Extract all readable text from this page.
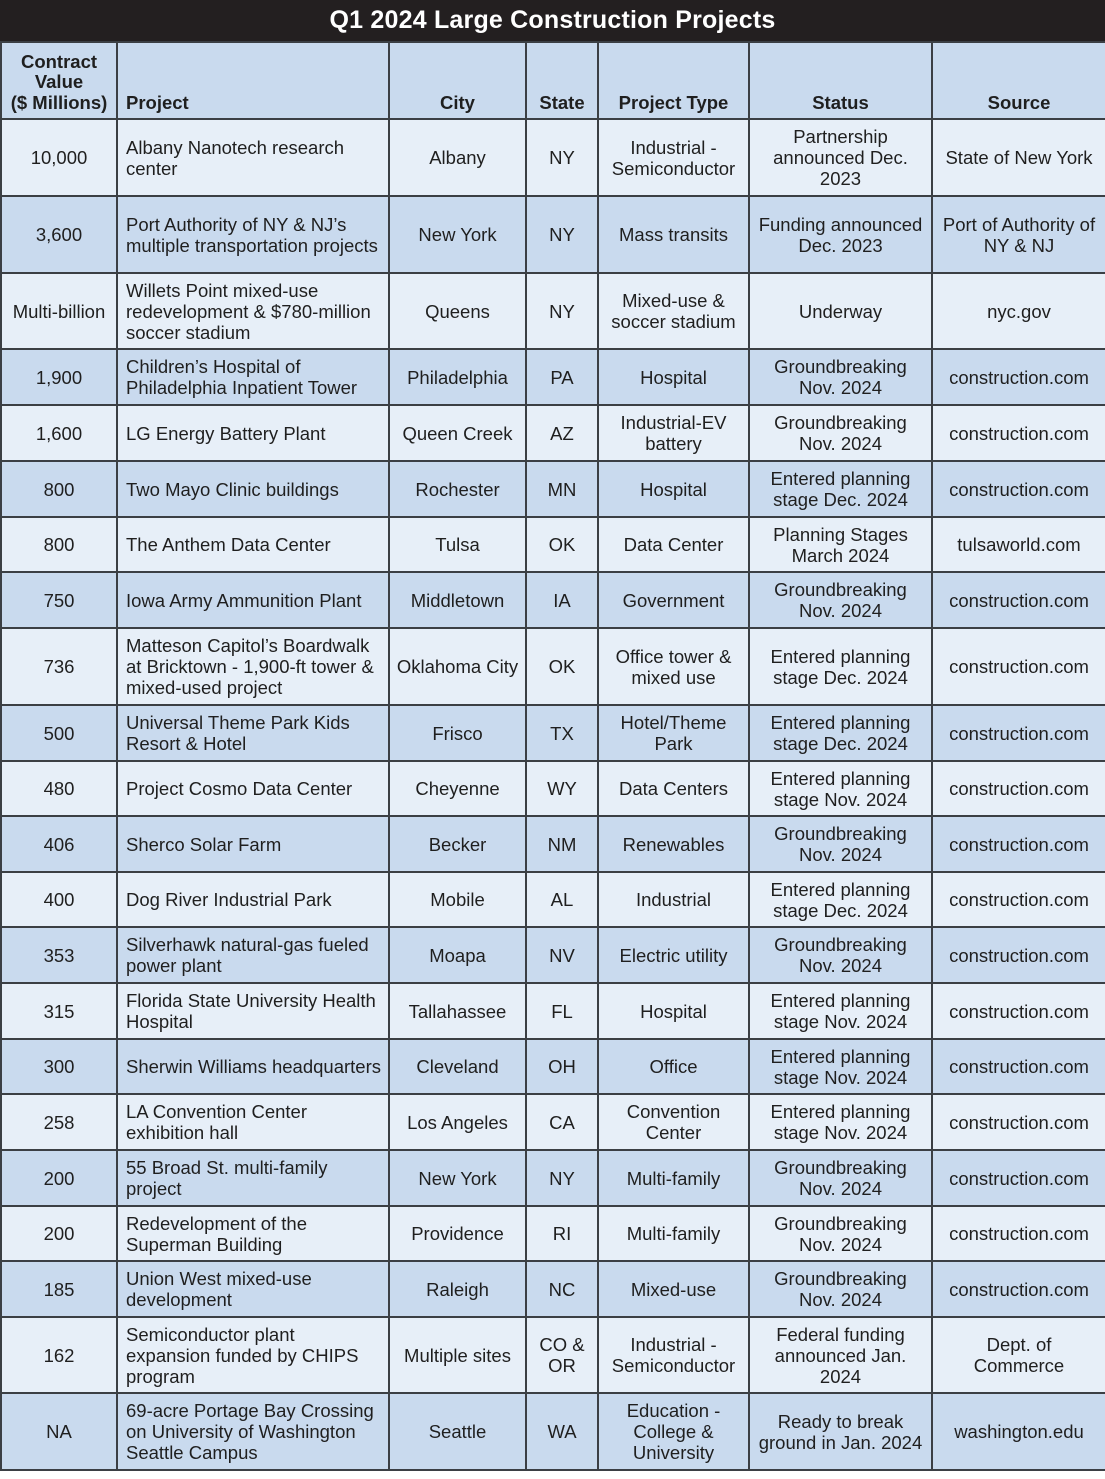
Q1 2024 Large Construction Projects
Contract
Value
($ Millions)	Project	City	State	Project Type	Status	Source
10,000	Albany Nanotech research center	Albany	NY	Industrial - Semiconductor	Partnership announced Dec. 2023	State of New York
3,600	Port Authority of NY & NJ’s multiple transportation projects	New York	NY	Mass transits	Funding announced Dec. 2023	Port of Authority of NY & NJ
Multi-billion	Willets Point mixed-use redevelopment & $780-million soccer stadium	Queens	NY	Mixed-use & soccer stadium	Underway	nyc.gov
1,900	Children’s Hospital of Philadelphia Inpatient Tower	Philadelphia	PA	Hospital	Groundbreaking Nov. 2024	construction.com
1,600	LG Energy Battery Plant	Queen Creek	AZ	Industrial-EV battery	Groundbreaking Nov. 2024	construction.com
800	Two Mayo Clinic buildings	Rochester	MN	Hospital	Entered planning stage Dec. 2024	construction.com
800	The Anthem Data Center	Tulsa	OK	Data Center	Planning Stages March 2024	tulsaworld.com
750	Iowa Army Ammunition Plant	Middletown	IA	Government	Groundbreaking Nov. 2024	construction.com
736	Matteson Capitol’s Boardwalk at Bricktown - 1,900-ft tower & mixed-used project	Oklahoma City	OK	Office tower & mixed use	Entered planning stage Dec. 2024	construction.com
500	Universal Theme Park Kids Resort & Hotel	Frisco	TX	Hotel/Theme Park	Entered planning stage Dec. 2024	construction.com
480	Project Cosmo Data Center	Cheyenne	WY	Data Centers	Entered planning stage Nov. 2024	construction.com
406	Sherco Solar Farm	Becker	NM	Renewables	Groundbreaking Nov. 2024	construction.com
400	Dog River Industrial Park	Mobile	AL	Industrial	Entered planning stage Dec. 2024	construction.com
353	Silverhawk natural-gas fueled power plant	Moapa	NV	Electric utility	Groundbreaking Nov. 2024	construction.com
315	Florida State University Health Hospital	Tallahassee	FL	Hospital	Entered planning stage Nov. 2024	construction.com
300	Sherwin Williams headquarters	Cleveland	OH	Office	Entered planning stage Nov. 2024	construction.com
258	LA Convention Center exhibition hall	Los Angeles	CA	Convention Center	Entered planning stage Nov. 2024	construction.com
200	55 Broad St. multi-family project	New York	NY	Multi-family	Groundbreaking Nov. 2024	construction.com
200	Redevelopment of the Superman Building	Providence	RI	Multi-family	Groundbreaking Nov. 2024	construction.com
185	Union West mixed-use development	Raleigh	NC	Mixed-use	Groundbreaking Nov. 2024	construction.com
162	Semiconductor plant expansion funded by CHIPS program	Multiple sites	CO & OR	Industrial - Semiconductor	Federal funding announced Jan. 2024	Dept. of Commerce
NA	69-acre Portage Bay Crossing on University of Washington Seattle Campus	Seattle	WA	Education - College & University	Ready to break ground in Jan. 2024	washington.edu
